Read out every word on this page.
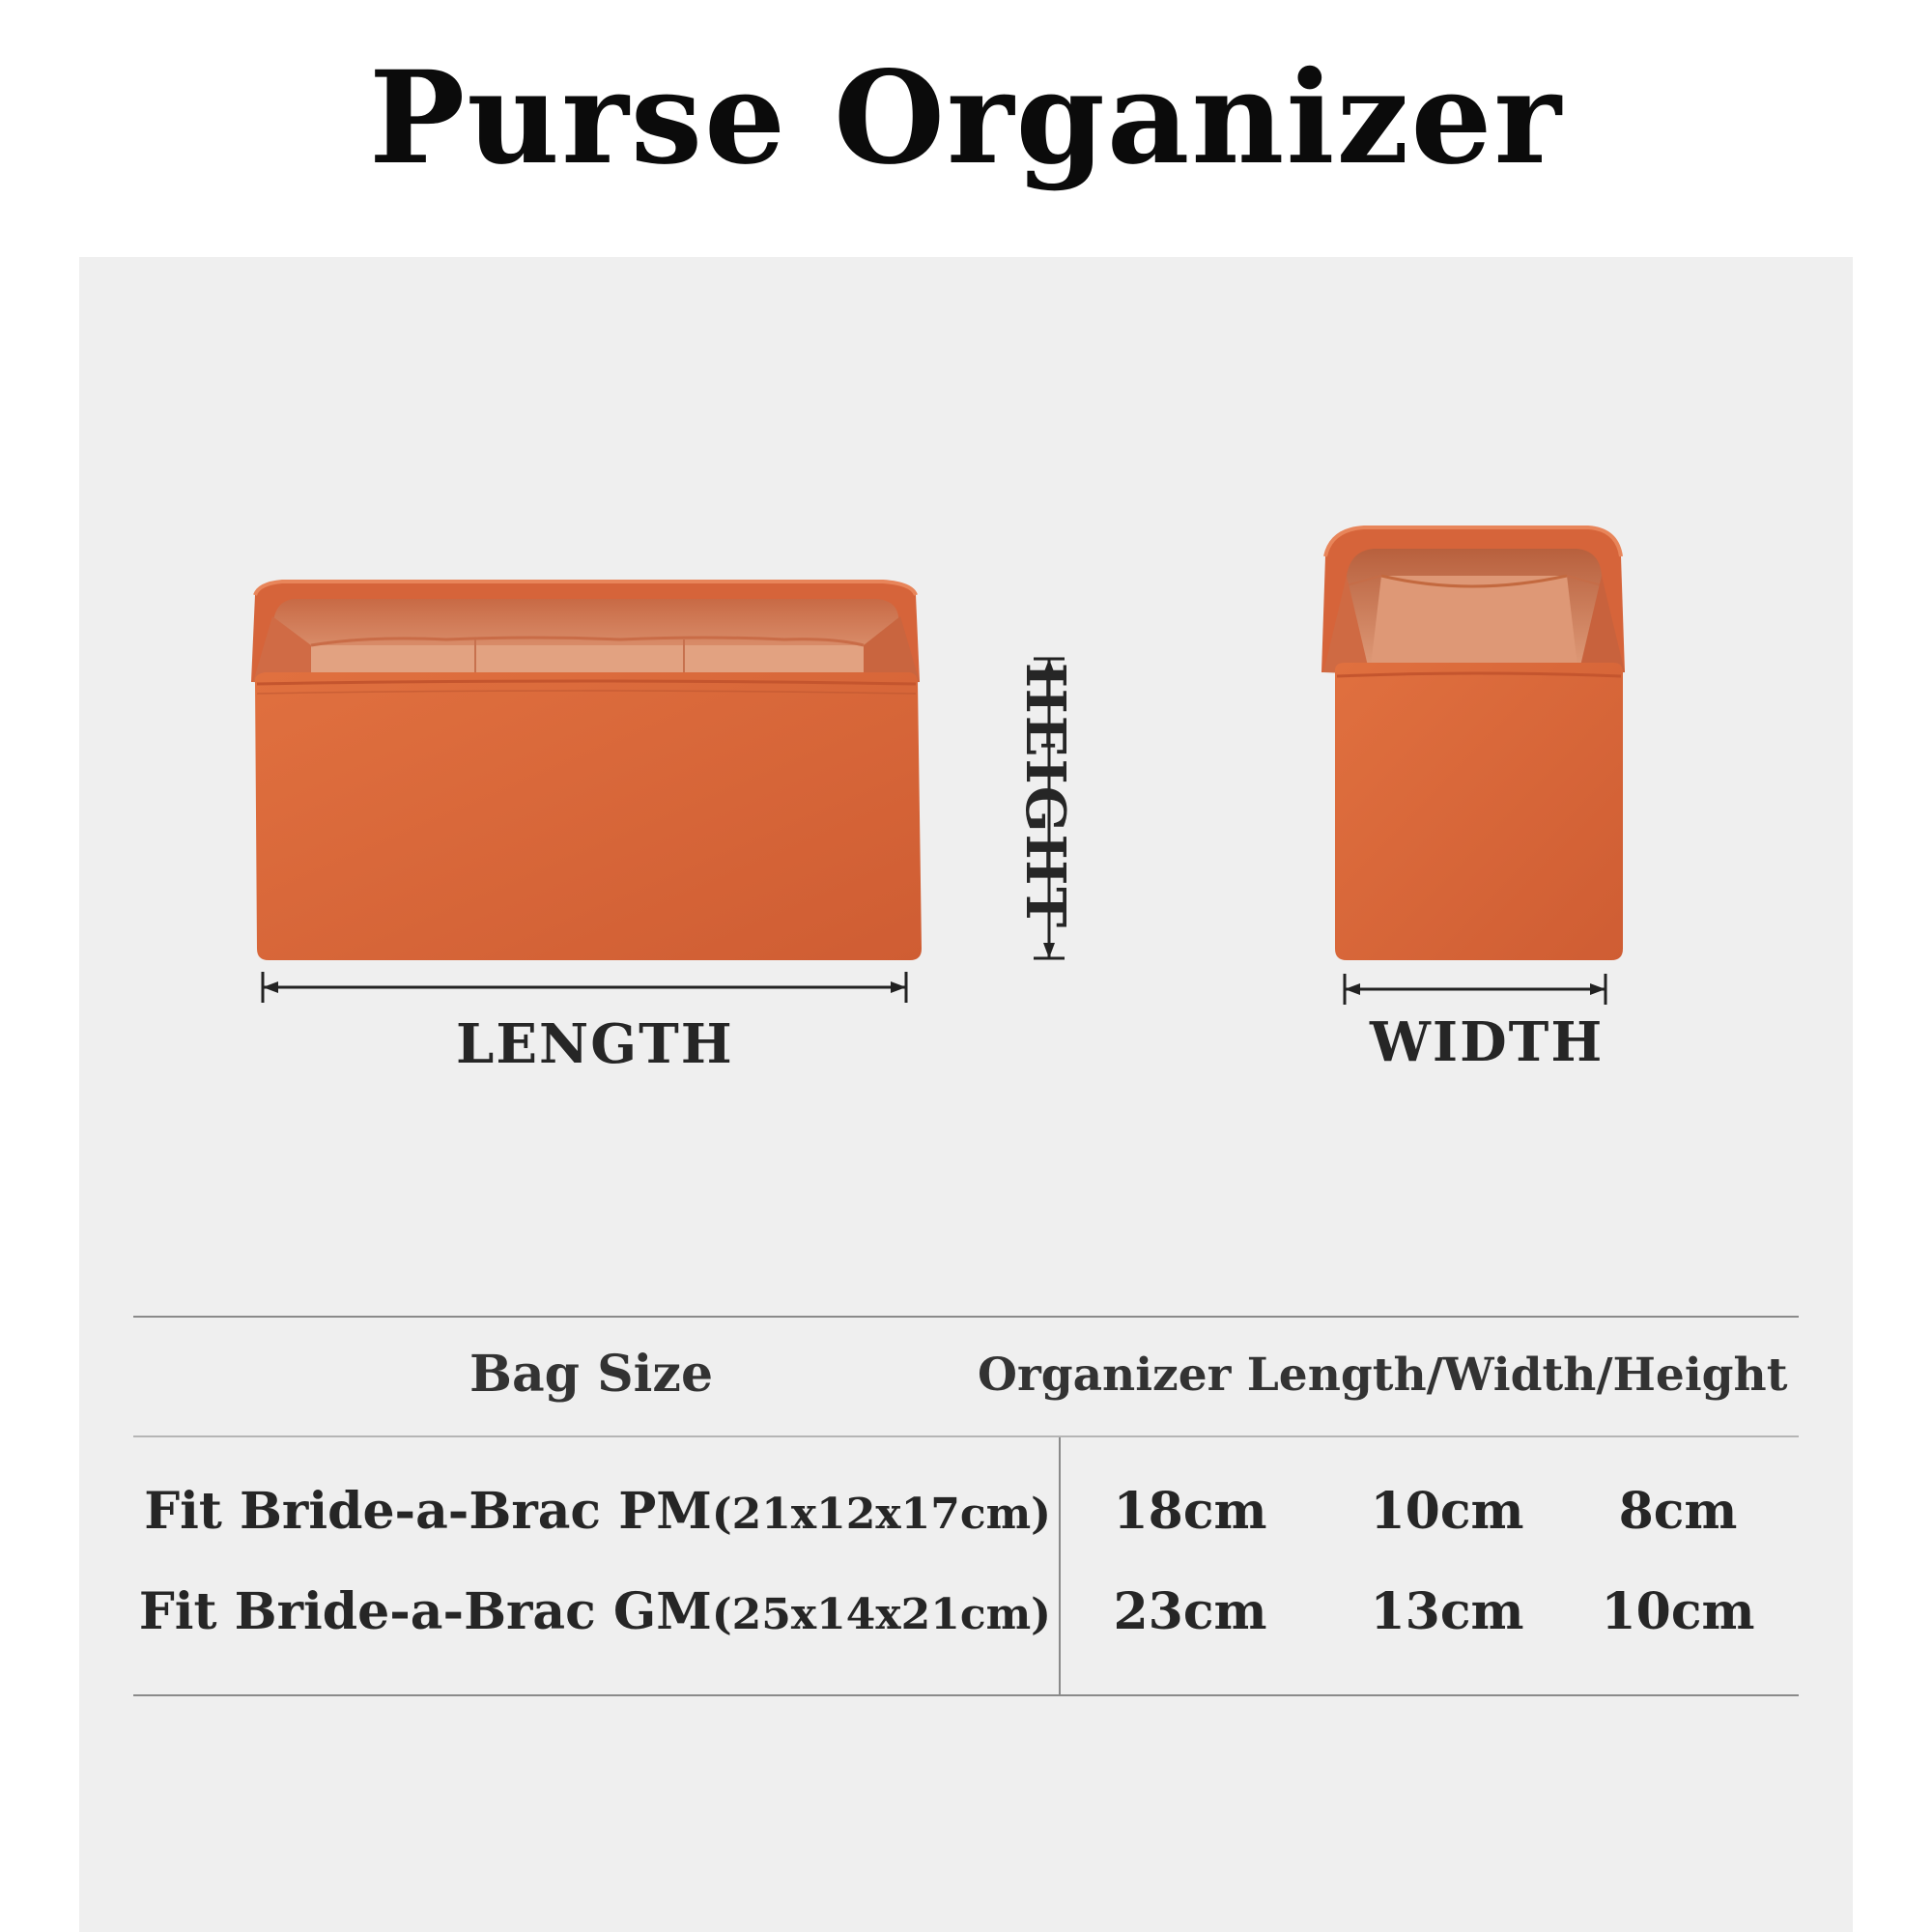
Purse Organizer
LENGTH
HEIGHT
WIDTH
Bag Size	Organizer Length/Width/Height
Fit Bride-a-Brac PM(21x12x17cm)	18cm	10cm	8cm
Fit Bride-a-Brac GM(25x14x21cm)	23cm	13cm	10cm
